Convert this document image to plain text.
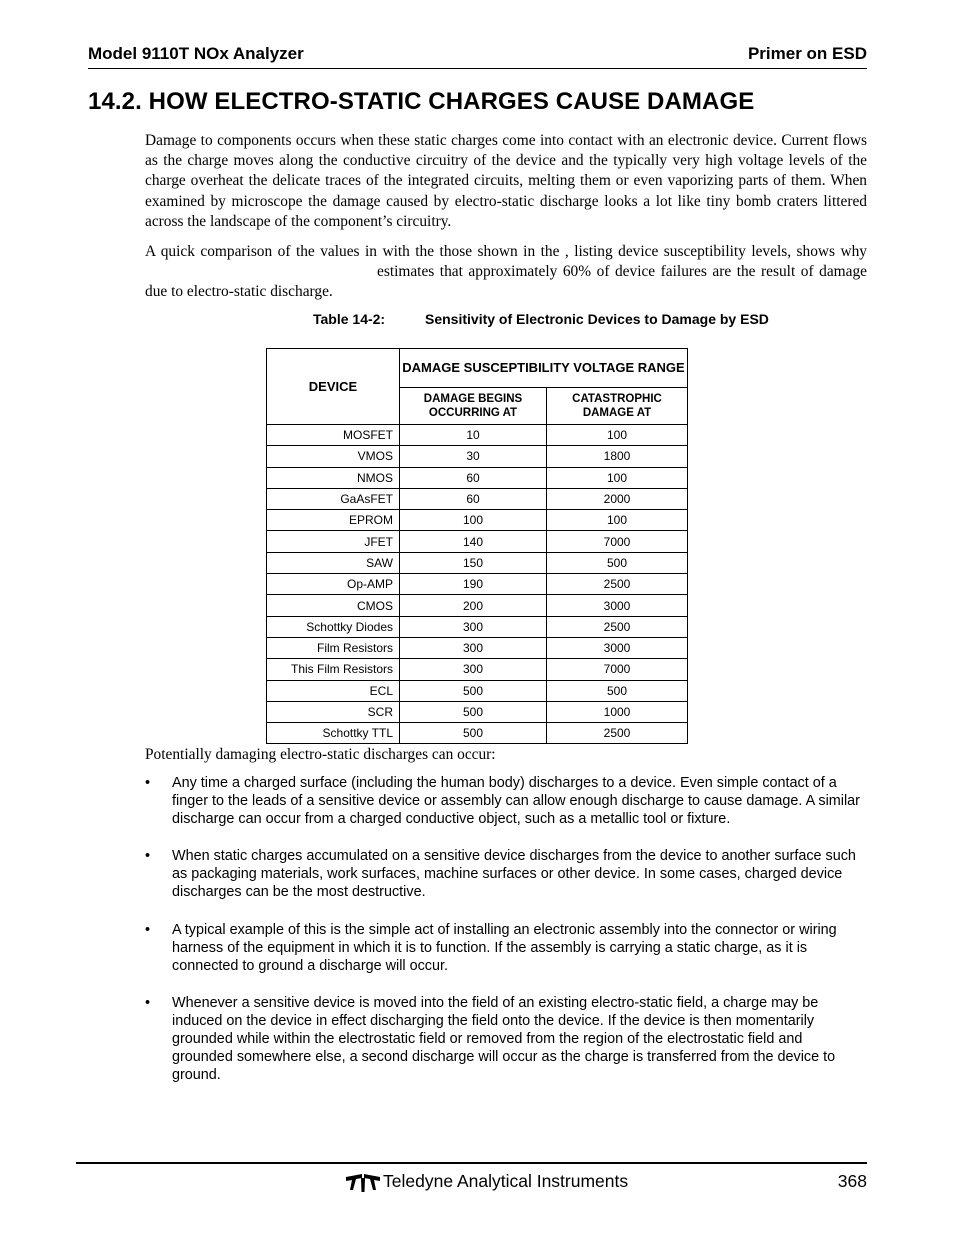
Model 9110T NOx Analyzer	Primer on ESD
14.2. HOW ELECTRO-STATIC CHARGES CAUSE DAMAGE

Damage to components occurs when these static charges come into contact with an electronic device. Current flows as the charge moves along the conductive circuitry of the device and the typically very high voltage levels of the charge overheat the delicate traces of the integrated circuits, melting them or even vaporizing parts of them. When examined by microscope the damage caused by electro-static discharge looks a lot like tiny bomb craters littered across the landscape of the component’s circuitry.

A quick comparison of the values in with the those shown in the , listing device susceptibility levels, shows whyestimates that approximately 60% of device failures are the result of damage due to electro-static discharge.

Table 14-2:	Sensitivity of Electronic Devices to Damage by ESD
DEVICE	DAMAGE SUSCEPTIBILITY VOLTAGE RANGE	
	DAMAGE BEGINS OCCURRING AT	CATASTROPHIC DAMAGE AT
MOSFET	10	100
VMOS	30	1800
NMOS	60	100
GaAsFET	60	2000
EPROM	100	100
JFET	140	7000
SAW	150	500
Op-AMP	190	2500
CMOS	200	3000
Schottky Diodes	300	2500
Film Resistors	300	3000
This Film Resistors	300	7000
ECL	500	500
SCR	500	1000
Schottky TTL	500	2500

Potentially damaging electro-static discharges can occur:

• Any time a charged surface (including the human body) discharges to a device. Even simple contact of a finger to the leads of a sensitive device or assembly can allow enough discharge to cause damage. A similar discharge can occur from a charged conductive object, such as a metallic tool or fixture.
• When static charges accumulated on a sensitive device discharges from the device to another surface such as packaging materials, work surfaces, machine surfaces or other device. In some cases, charged device discharges can be the most destructive.
• A typical example of this is the simple act of installing an electronic assembly into the connector or wiring harness of the equipment in which it is to function. If the assembly is carrying a static charge, as it is connected to ground a discharge will occur.
• Whenever a sensitive device is moved into the field of an existing electro-static field, a charge may be induced on the device in effect discharging the field onto the device. If the device is then momentarily grounded while within the electrostatic field or removed from the region of the electrostatic field and grounded somewhere else, a second discharge will occur as the charge is transferred from the device to ground.
Teledyne Analytical Instruments	368
